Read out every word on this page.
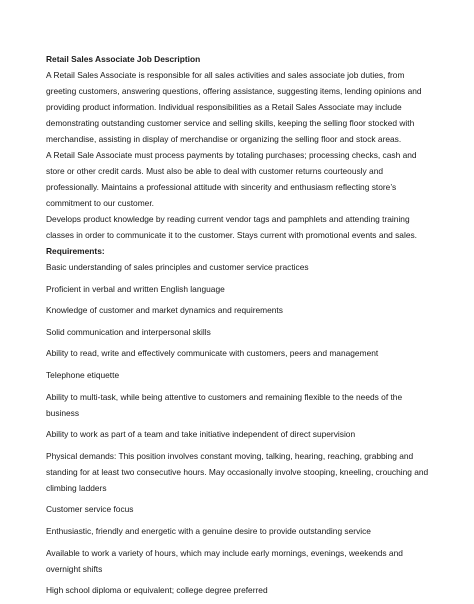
Retail Sales Associate Job Description

A Retail Sales Associate is responsible for all sales activities and sales associate job duties, from greeting customers, answering questions, offering assistance, suggesting items, lending opinions and providing product information. Individual responsibilities as a Retail Sales Associate may include demonstrating outstanding customer service and selling skills, keeping the selling floor stocked with merchandise, assisting in display of merchandise or organizing the selling floor and stock areas.

A Retail Sale Associate must process payments by totaling purchases; processing checks, cash and store or other credit cards. Must also be able to deal with customer returns courteously and professionally. Maintains a professional attitude with sincerity and enthusiasm reflecting store’s commitment to our customer.

Develops product knowledge by reading current vendor tags and pamphlets and attending training classes in order to communicate it to the customer. Stays current with promotional events and sales.

Requirements:

Basic understanding of sales principles and customer service practices

Proficient in verbal and written English language

Knowledge of customer and market dynamics and requirements

Solid communication and interpersonal skills

Ability to read, write and effectively communicate with customers, peers and management

Telephone etiquette

Ability to multi-task, while being attentive to customers and remaining flexible to the needs of the business

Ability to work as part of a team and take initiative independent of direct supervision

Physical demands: This position involves constant moving, talking, hearing, reaching, grabbing and standing for at least two consecutive hours. May occasionally involve stooping, kneeling, crouching and climbing ladders

Customer service focus

Enthusiastic, friendly and energetic with a genuine desire to provide outstanding service

Available to work a variety of hours, which may include early mornings, evenings, weekends and overnight shifts

High school diploma or equivalent; college degree preferred
